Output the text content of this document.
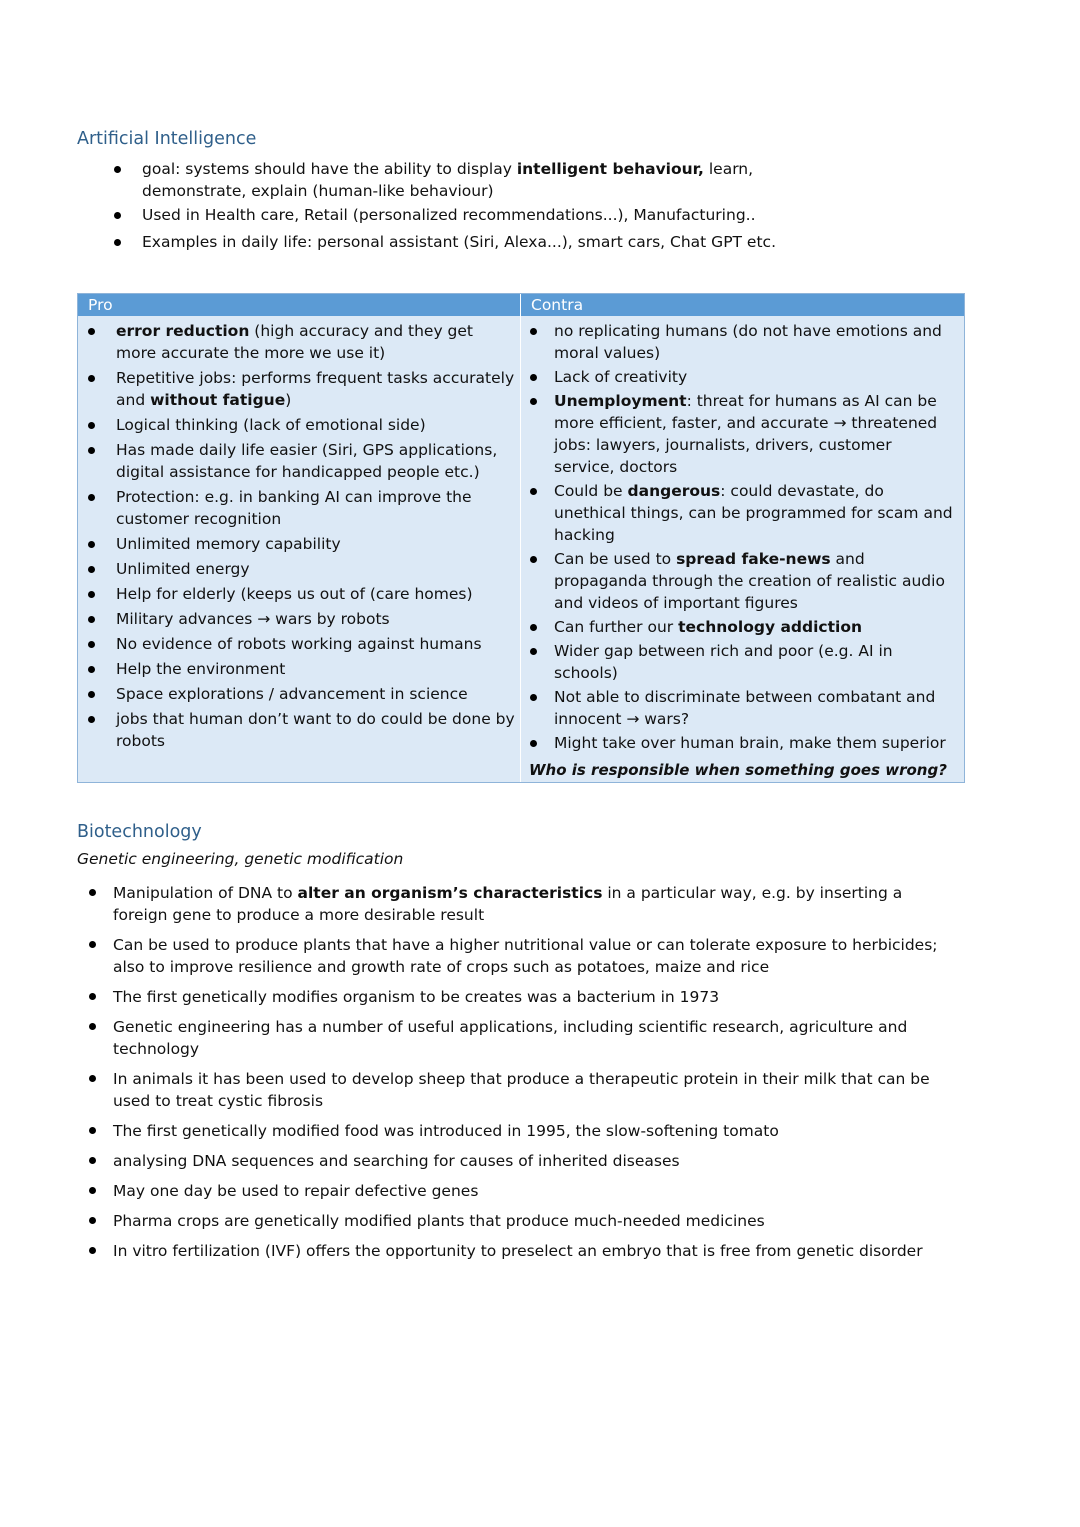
Artificial Intelligence
goal: systems should have the ability to display intelligent behaviour, learn, demonstrate, explain (human-like behaviour)
Used in Health care, Retail (personalized recommendations...), Manufacturing..
Examples in daily life: personal assistant (Siri, Alexa...), smart cars, Chat GPT etc.
Pro	Contra
error reduction (high accuracy and they get more accurate the more we use it)
Repetitive jobs: performs frequent tasks accurately and without fatigue)
Logical thinking (lack of emotional side)
Has made daily life easier (Siri, GPS applications, digital assistance for handicapped people etc.)
Protection: e.g. in banking AI can improve the customer recognition
Unlimited memory capability
Unlimited energy
Help for elderly (keeps us out of (care homes)
Military advances → wars by robots
No evidence of robots working against humans
Help the environment
Space explorations / advancement in science
jobs that human don’t want to do could be done by robots
no replicating humans (do not have emotions and moral values)
Lack of creativity
Unemployment: threat for humans as AI can be more efficient, faster, and accurate → threatened jobs: lawyers, journalists, drivers, customer service, doctors
Could be dangerous: could devastate, do unethical things, can be programmed for scam and hacking
Can be used to spread fake-news and propaganda through the creation of realistic audio and videos of important figures
Can further our technology addiction
Wider gap between rich and poor (e.g. AI in schools)
Not able to discriminate between combatant and innocent → wars?
Might take over human brain, make them superior
Who is responsible when something goes wrong?
Biotechnology

Genetic engineering, genetic modification

Manipulation of DNA to alter an organism’s characteristics in a particular way, e.g. by inserting a foreign gene to produce a more desirable result
Can be used to produce plants that have a higher nutritional value or can tolerate exposure to herbicides; also to improve resilience and growth rate of crops such as potatoes, maize and rice
The first genetically modifies organism to be creates was a bacterium in 1973
Genetic engineering has a number of useful applications, including scientific research, agriculture and technology
In animals it has been used to develop sheep that produce a therapeutic protein in their milk that can be used to treat cystic fibrosis
The first genetically modified food was introduced in 1995, the slow-softening tomato
analysing DNA sequences and searching for causes of inherited diseases
May one day be used to repair defective genes
Pharma crops are genetically modified plants that produce much-needed medicines
In vitro fertilization (IVF) offers the opportunity to preselect an embryo that is free from genetic disorder
